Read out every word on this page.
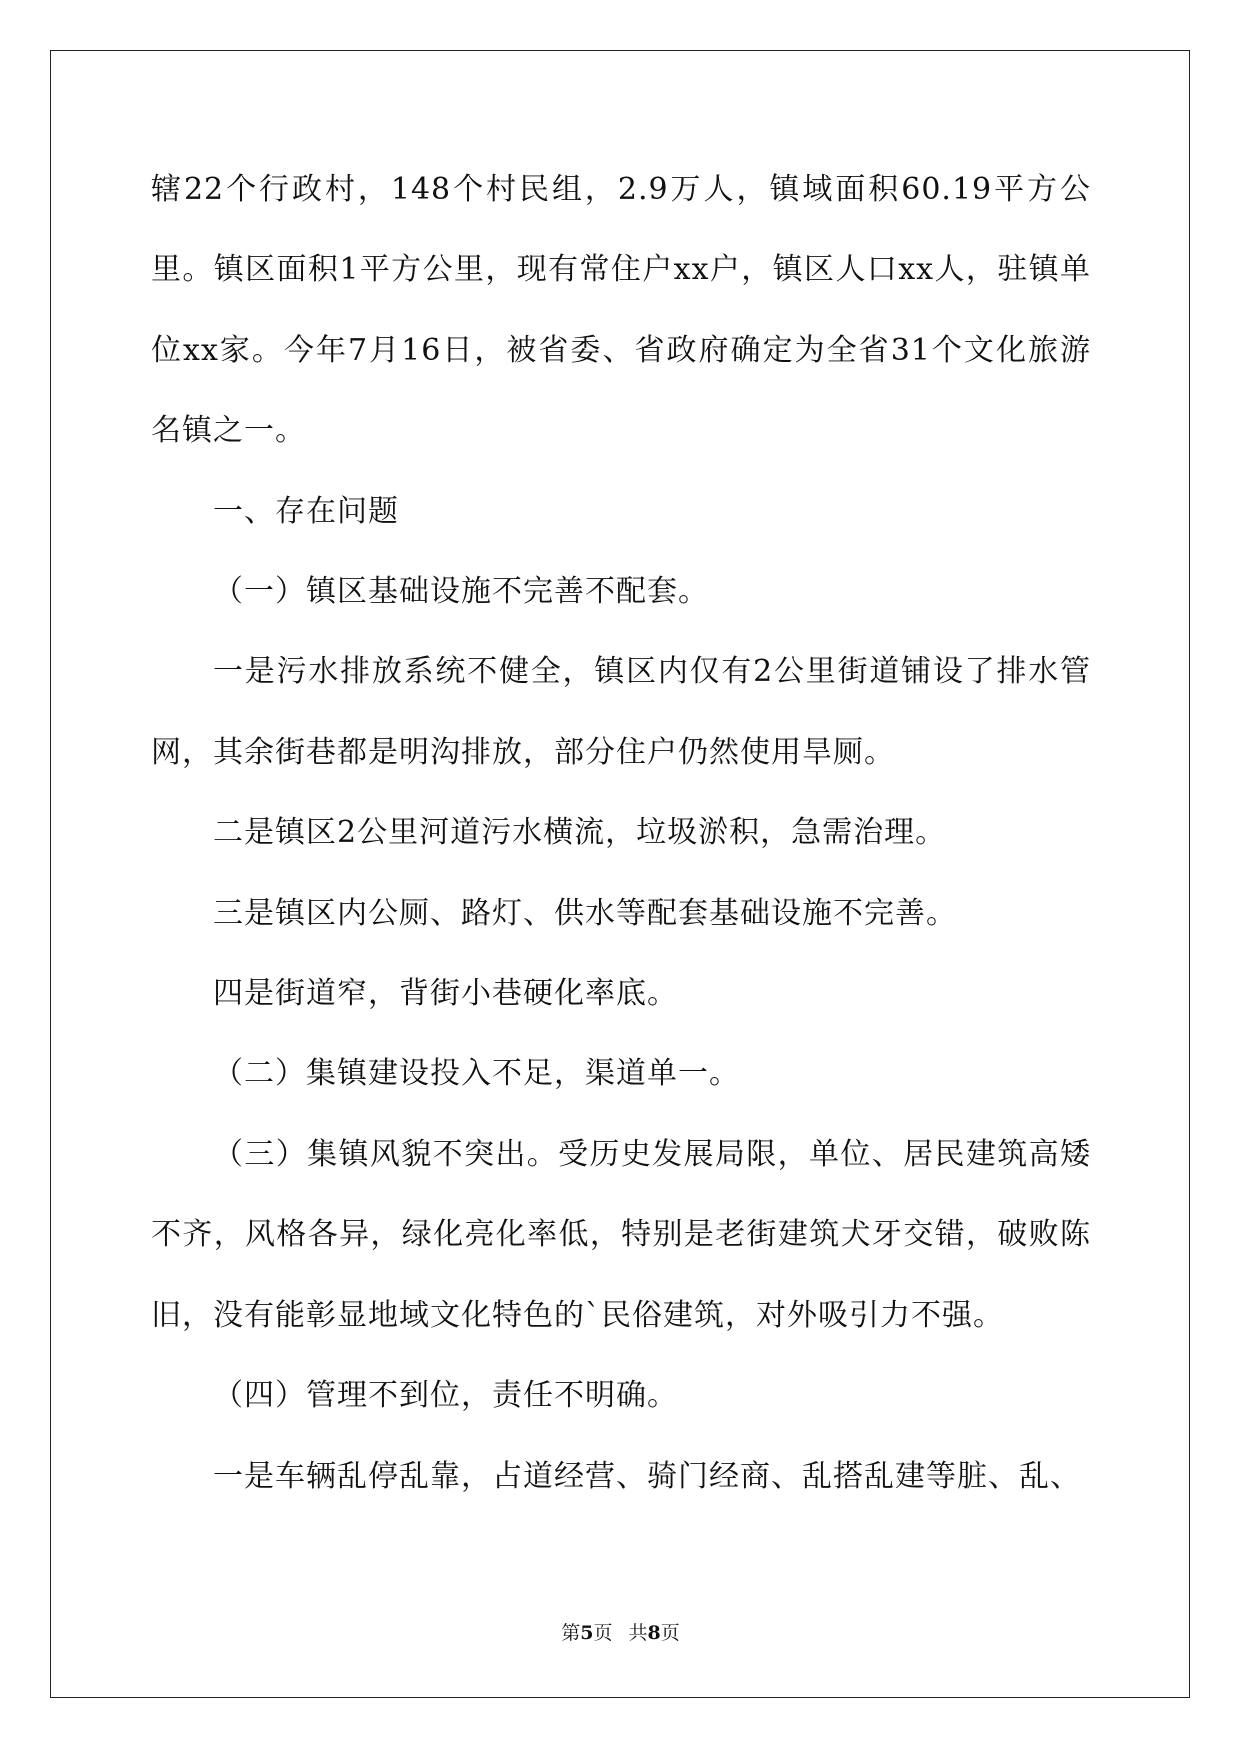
辖22个行政村，148个村民组，2.9万人，镇域面积60.19平方公里。镇区面积1平方公里，现有常住户xx户，镇区人口xx人，驻镇单位xx家。今年7月16日，被省委、省政府确定为全省31个文化旅游名镇之一。

一、存在问题

（一）镇区基础设施不完善不配套。

一是污水排放系统不健全，镇区内仅有2公里街道铺设了排水管网，其余街巷都是明沟排放，部分住户仍然使用旱厕。

二是镇区2公里河道污水横流，垃圾淤积，急需治理。

三是镇区内公厕、路灯、供水等配套基础设施不完善。

四是街道窄，背街小巷硬化率底。

（二）集镇建设投入不足，渠道单一。

（三）集镇风貌不突出。受历史发展局限，单位、居民建筑高矮不齐，风格各异，绿化亮化率低，特别是老街建筑犬牙交错，破败陈旧，没有能彰显地域文化特色的`民俗建筑，对外吸引力不强。

（四）管理不到位，责任不明确。

一是车辆乱停乱靠，占道经营、骑门经商、乱搭乱建等脏、乱、

第5页 共8页
